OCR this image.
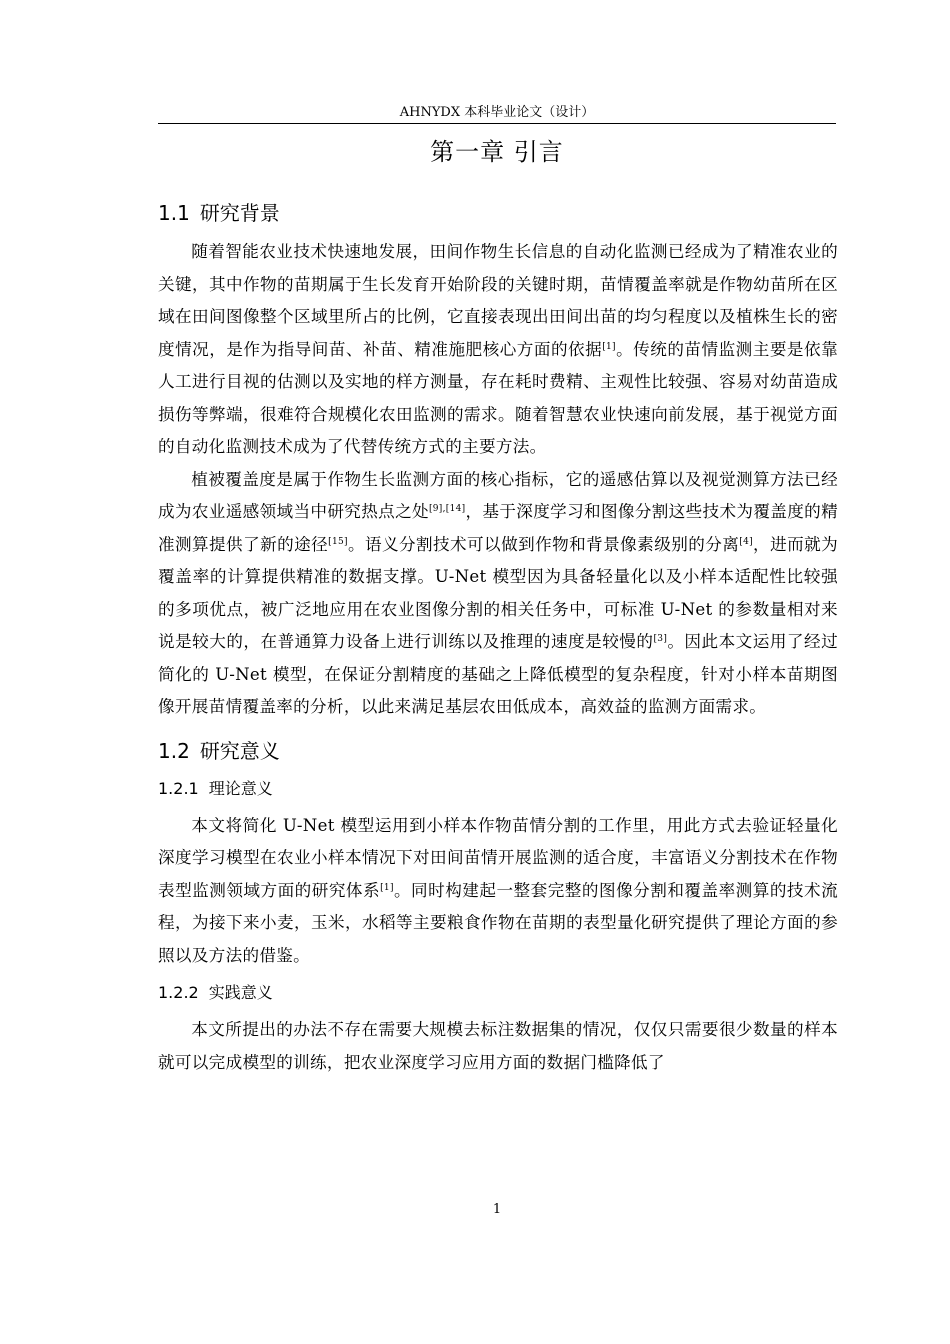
AHNYDX 本科毕业论文（设计）
第一章 引言
1.1 研究背景

随着智能农业技术快速地发展，田间作物生长信息的自动化监测已经成为了精准农业的关键，其中作物的苗期属于生长发育开始阶段的关键时期，苗情覆盖率就是作物幼苗所在区域在田间图像整个区域里所占的比例，它直接表现出田间出苗的均匀程度以及植株生长的密度情况，是作为指导间苗、补苗、精准施肥核心方面的依据[1]。传统的苗情监测主要是依靠人工进行目视的估测以及实地的样方测量，存在耗时费精、主观性比较强、容易对幼苗造成损伤等弊端，很难符合规模化农田监测的需求。随着智慧农业快速向前发展，基于视觉方面的自动化监测技术成为了代替传统方式的主要方法。

植被覆盖度是属于作物生长监测方面的核心指标，它的遥感估算以及视觉测算方法已经成为农业遥感领域当中研究热点之处[9],[14]，基于深度学习和图像分割这些技术为覆盖度的精准测算提供了新的途径[15]。语义分割技术可以做到作物和背景像素级别的分离[4]，进而就为覆盖率的计算提供精准的数据支撑。U-Net 模型因为具备轻量化以及小样本适配性比较强的多项优点，被广泛地应用在农业图像分割的相关任务中，可标准 U-Net 的参数量相对来说是较大的，在普通算力设备上进行训练以及推理的速度是较慢的[3]。因此本文运用了经过简化的 U-Net 模型，在保证分割精度的基础之上降低模型的复杂程度，针对小样本苗期图像开展苗情覆盖率的分析，以此来满足基层农田低成本，高效益的监测方面需求。

1.2 研究意义
1.2.1 理论意义

本文将简化 U-Net 模型运用到小样本作物苗情分割的工作里，用此方式去验证轻量化深度学习模型在农业小样本情况下对田间苗情开展监测的适合度，丰富语义分割技术在作物表型监测领域方面的研究体系[1]。同时构建起一整套完整的图像分割和覆盖率测算的技术流程，为接下来小麦，玉米，水稻等主要粮食作物在苗期的表型量化研究提供了理论方面的参照以及方法的借鉴。

1.2.2 实践意义

本文所提出的办法不存在需要大规模去标注数据集的情况，仅仅只需要很少数量的样本就可以完成模型的训练，把农业深度学习应用方面的数据门槛降低了

1
